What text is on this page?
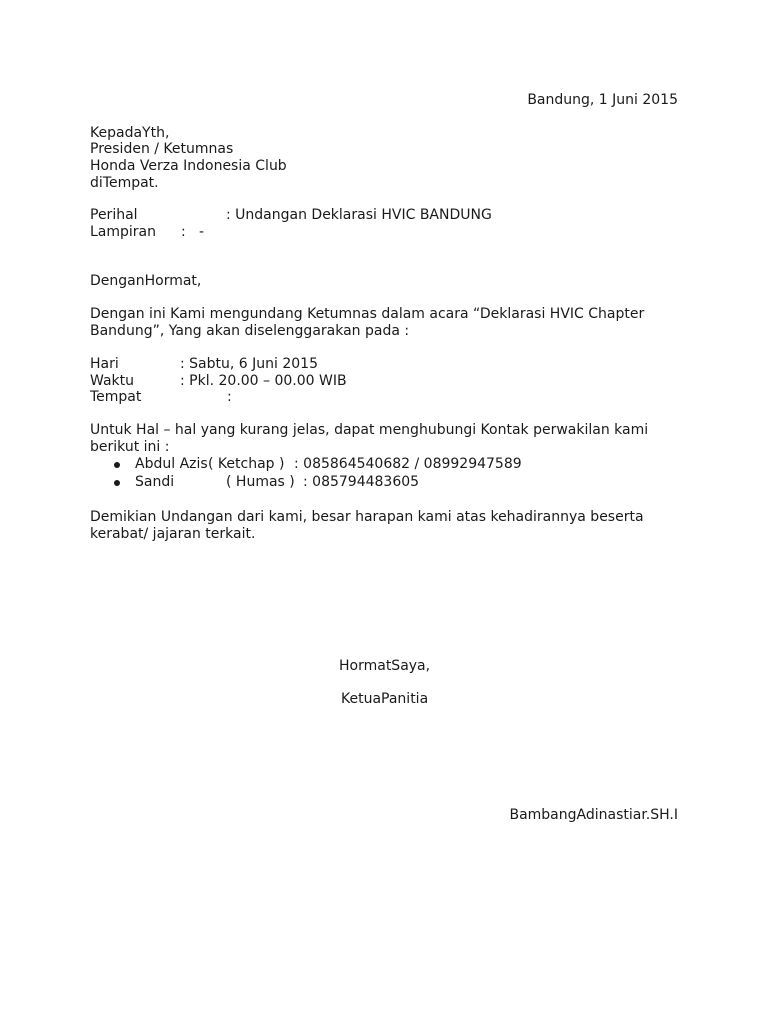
Bandung, 1 Juni 2015
KepadaYth,
Presiden / Ketumnas
Honda Verza Indonesia Club
diTempat.
Perihal	: Undangan Deklarasi HVIC BANDUNG
Lampiran : -
DenganHormat,
Dengan ini Kami mengundang Ketumnas dalam acara “Deklarasi HVIC Chapter
Bandung”, Yang akan diselenggarakan pada :
Hari	: Sabtu, 6 Juni 2015
Waktu	: Pkl. 20.00 – 00.00 WIB
Tempat	:
Untuk Hal – hal yang kurang jelas, dapat menghubungi Kontak perwakilan kami
berikut ini :
Abdul Azis ( Ketchap ) : 085864540682 / 08992947589
Sandi	( Humas ) : 085794483605
Demikian Undangan dari kami, besar harapan kami atas kehadirannya beserta
kerabat/ jajaran terkait.
HormatSaya,
KetuaPanitia
BambangAdinastiar.SH.I
